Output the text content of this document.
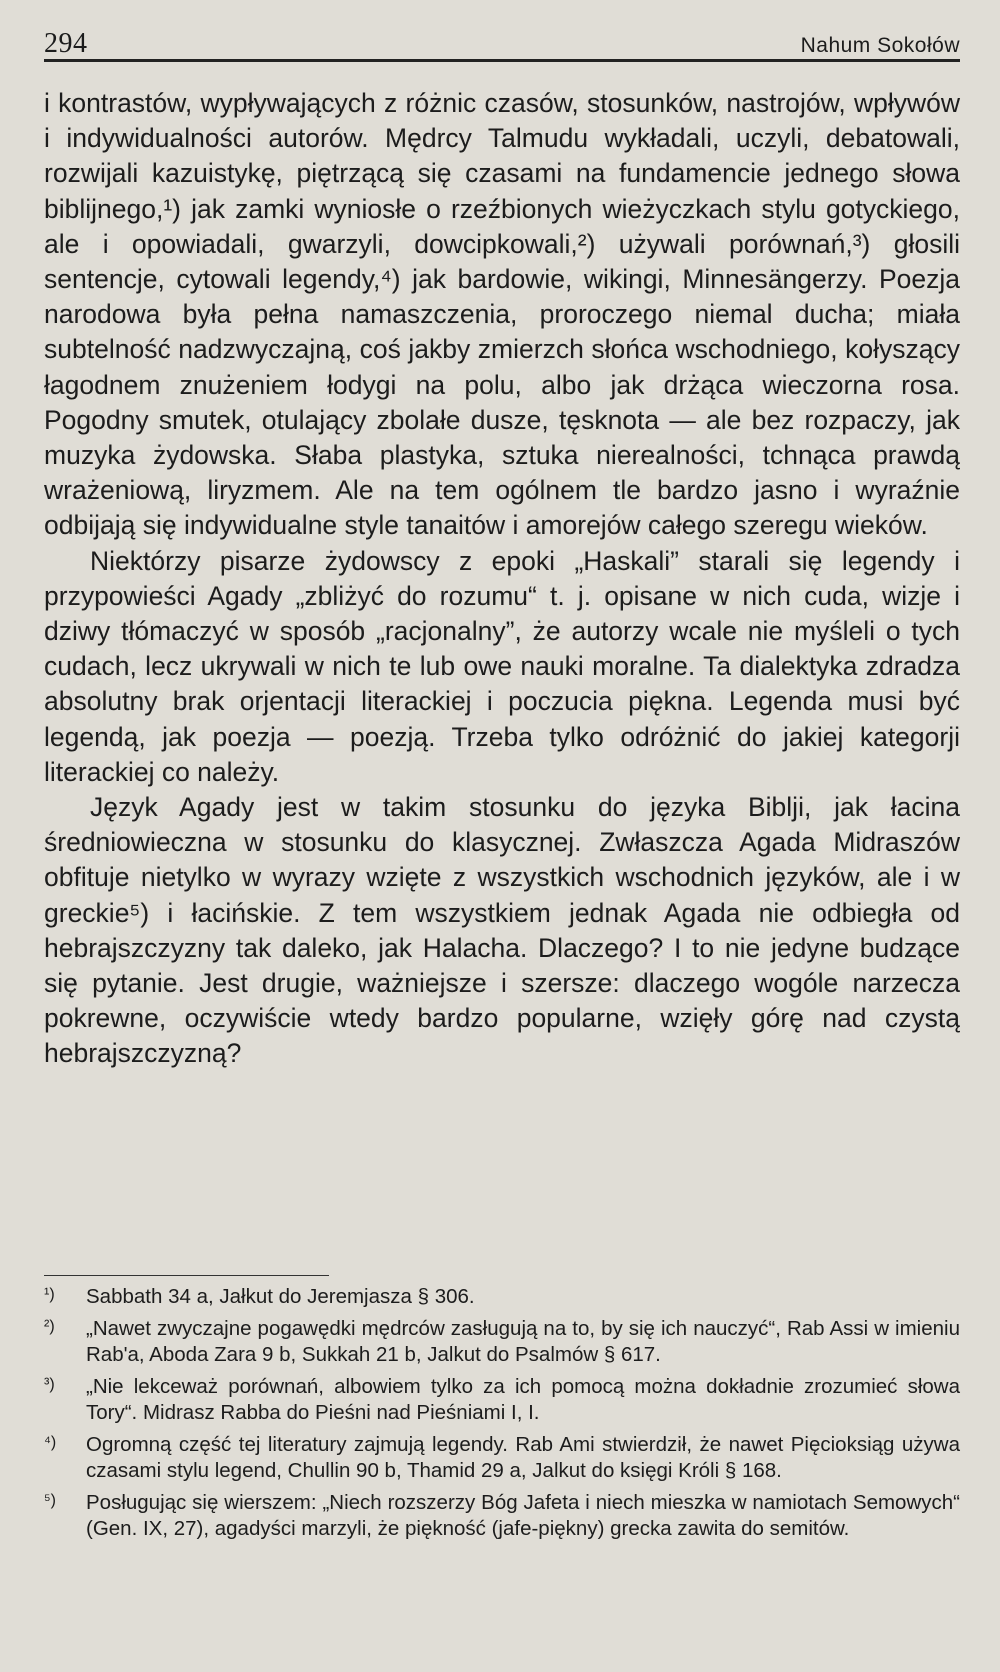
294	Nahum Sokołów

i kontrastów, wypływających z różnic czasów, stosunków, nastrojów, wpływów i indywidualności autorów. Mędrcy Talmudu wykładali, uczyli, debatowali, rozwijali kazuistykę, piętrzącą się czasami na fundamencie jednego słowa biblijnego,¹) jak zamki wyniosłe o rzeźbionych wieżyczkach stylu gotyckiego, ale i opowiadali, gwarzyli, dowcipkowali,²) używali porównań,³) głosili sentencje, cytowali legendy,⁴) jak bardowie, wikingi, Minnesängerzy. Poezja narodowa była pełna namaszczenia, proroczego niemal ducha; miała subtelność nadzwyczajną, coś jakby zmierzch słońca wschodniego, kołyszący łagodnem znużeniem łodygi na polu, albo jak drżąca wieczorna rosa. Pogodny smutek, otulający zbolałe dusze, tęsknota — ale bez rozpaczy, jak muzyka żydowska. Słaba plastyka, sztuka nierealności, tchnąca prawdą wrażeniową, liryzmem. Ale na tem ogólnem tle bardzo jasno i wyraźnie odbijają się indywidualne style tanaitów i amorejów całego szeregu wieków.

Niektórzy pisarze żydowscy z epoki „Haskali” starali się legendy i przypowieści Agady „zbliżyć do rozumu“ t. j. opisane w nich cuda, wizje i dziwy tłómaczyć w sposób „racjonalny”, że autorzy wcale nie myśleli o tych cudach, lecz ukrywali w nich te lub owe nauki moralne. Ta dialektyka zdradza absolutny brak orjentacji literackiej i poczucia piękna. Legenda musi być legendą, jak poezja — poezją. Trzeba tylko odróżnić do jakiej kategorji literackiej co należy.

Język Agady jest w takim stosunku do języka Biblji, jak łacina średniowieczna w stosunku do klasycznej. Zwłaszcza Agada Midraszów obfituje nietylko w wyrazy wzięte z wszystkich wschodnich języków, ale i w greckie⁵) i łacińskie. Z tem wszystkiem jednak Agada nie odbiegła od hebrajszczyzny tak daleko, jak Halacha. Dlaczego? I to nie jedyne budzące się pytanie. Jest drugie, ważniejsze i szersze: dlaczego wogóle narzecza pokrewne, oczywiście wtedy bardzo popularne, wzięły górę nad czystą hebrajszczyzną?

¹)	Sabbath 34 a, Jałkut do Jeremjasza § 306.
²)	„Nawet zwyczajne pogawędki mędrców zasługują na to, by się ich nauczyć“, Rab Assi w imieniu Rab'a, Aboda Zara 9 b, Sukkah 21 b, Jalkut do Psalmów § 617.
³)	„Nie lekceważ porównań, albowiem tylko za ich pomocą można dokładnie zrozumieć słowa Tory“. Midrasz Rabba do Pieśni nad Pieśniami I, I.
⁴)	Ogromną część tej literatury zajmują legendy. Rab Ami stwierdził, że nawet Pięcioksiąg używa czasami stylu legend, Chullin 90 b, Thamid 29 a, Jalkut do księgi Króli § 168.
⁵)	Posługując się wierszem: „Niech rozszerzy Bóg Jafeta i niech mieszka w namiotach Semowych“ (Gen. IX, 27), agadyści marzyli, że piękność (jafe-piękny) grecka zawita do semitów.
